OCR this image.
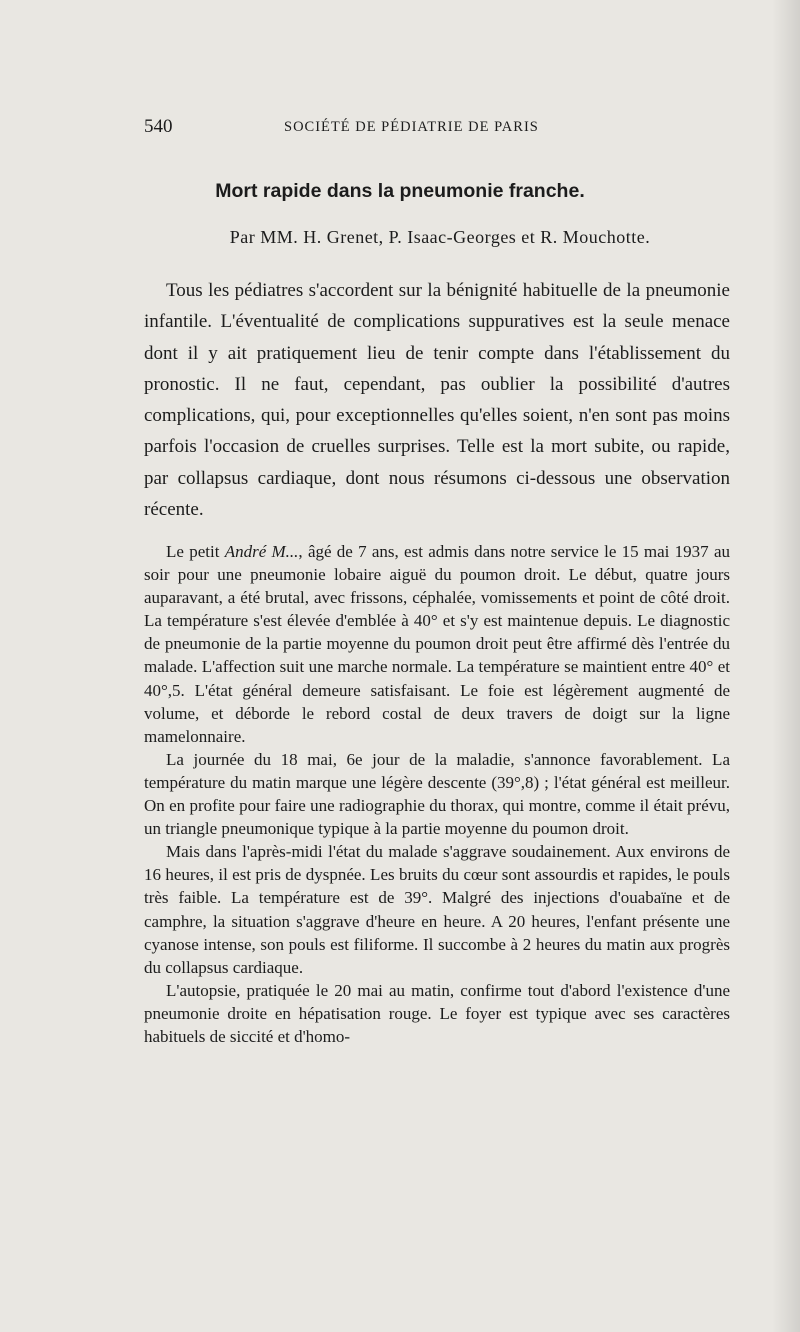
540	SOCIÉTÉ DE PÉDIATRIE DE PARIS
Mort rapide dans la pneumonie franche.
Par MM. H. Grenet, P. Isaac-Georges et R. Mouchotte.

Tous les pédiatres s'accordent sur la bénignité habituelle de la pneumonie infantile. L'éventualité de complications suppuratives est la seule menace dont il y ait pratiquement lieu de tenir compte dans l'établissement du pronostic. Il ne faut, cependant, pas oublier la possibilité d'autres complications, qui, pour exceptionnelles qu'elles soient, n'en sont pas moins parfois l'occasion de cruelles surprises. Telle est la mort subite, ou rapide, par collapsus cardiaque, dont nous résumons ci-dessous une observation récente.

Le petit André M..., âgé de 7 ans, est admis dans notre service le 15 mai 1937 au soir pour une pneumonie lobaire aiguë du poumon droit. Le début, quatre jours auparavant, a été brutal, avec frissons, céphalée, vomissements et point de côté droit. La température s'est élevée d'emblée à 40° et s'y est maintenue depuis. Le diagnostic de pneumonie de la partie moyenne du poumon droit peut être affirmé dès l'entrée du malade. L'affection suit une marche normale. La température se maintient entre 40° et 40°,5. L'état général demeure satisfaisant. Le foie est légèrement augmenté de volume, et déborde le rebord costal de deux travers de doigt sur la ligne mamelonnaire.

La journée du 18 mai, 6e jour de la maladie, s'annonce favorablement. La température du matin marque une légère descente (39°,8) ; l'état général est meilleur. On en profite pour faire une radiographie du thorax, qui montre, comme il était prévu, un triangle pneumonique typique à la partie moyenne du poumon droit.

Mais dans l'après-midi l'état du malade s'aggrave soudainement. Aux environs de 16 heures, il est pris de dyspnée. Les bruits du cœur sont assourdis et rapides, le pouls très faible. La température est de 39°. Malgré des injections d'ouabaïne et de camphre, la situation s'aggrave d'heure en heure. A 20 heures, l'enfant présente une cyanose intense, son pouls est filiforme. Il succombe à 2 heures du matin aux progrès du collapsus cardiaque.

L'autopsie, pratiquée le 20 mai au matin, confirme tout d'abord l'existence d'une pneumonie droite en hépatisation rouge. Le foyer est typique avec ses caractères habituels de siccité et d'homo-
